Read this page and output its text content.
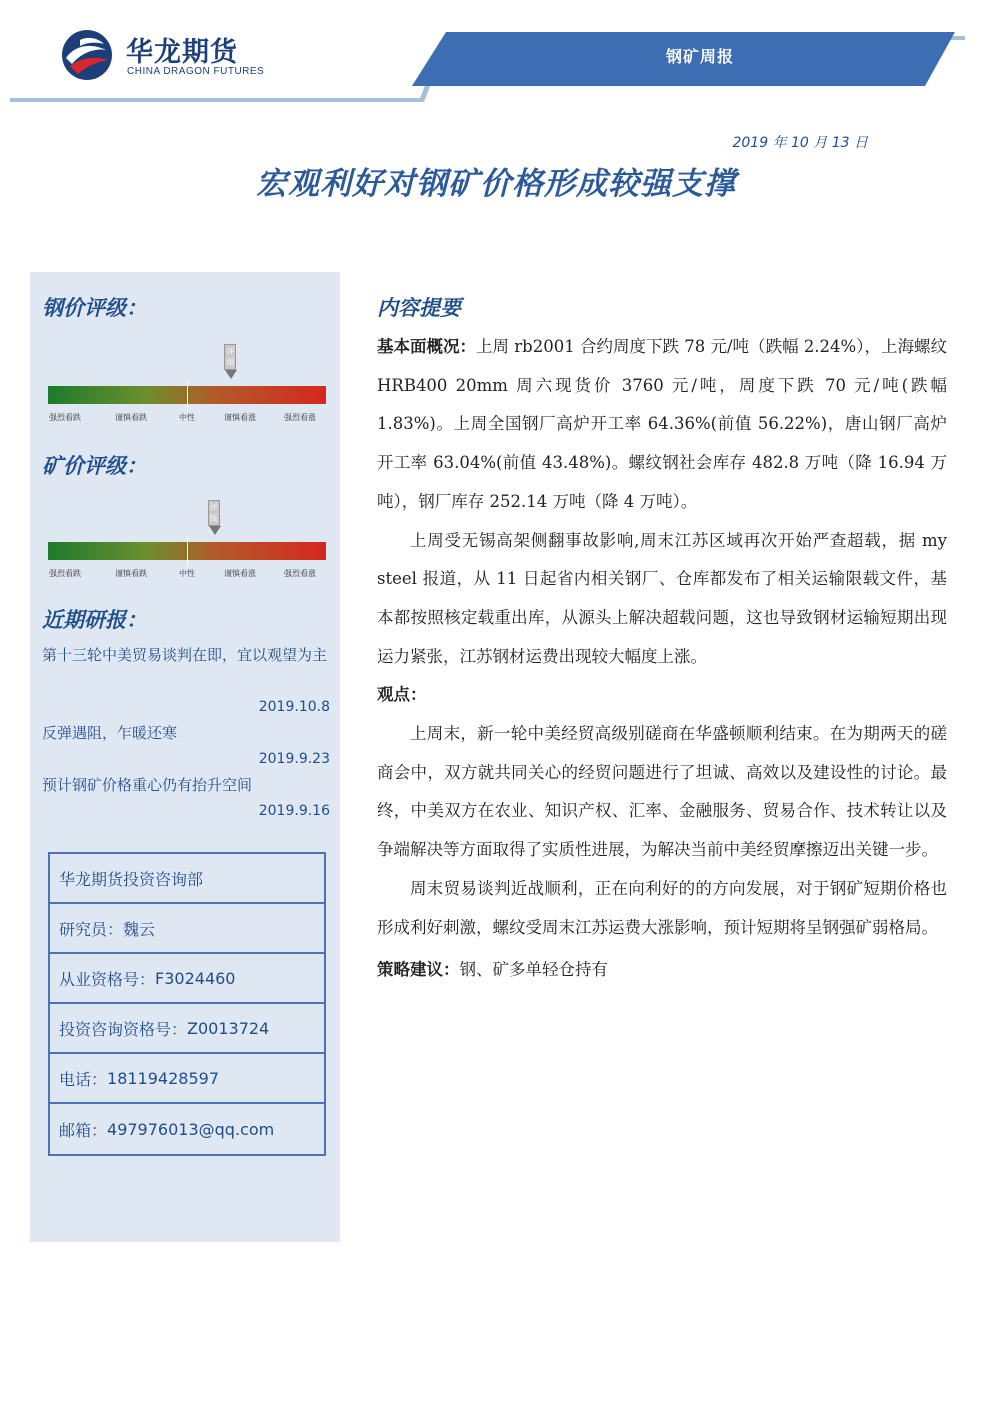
钢矿周报
华龙期货
CHINA DRAGON FUTURES
2019 年 10 月 13 日
宏观利好对钢矿价格形成较强支撑
钢价评级：
评级
强烈看跌	谨慎看跌	中性	谨慎看涨	强烈看涨
矿价评级：
评级
强烈看跌	谨慎看跌	中性	谨慎看涨	强烈看涨
近期研报：
第十三轮中美贸易谈判在即，宜以观望为主
2019.10.8
反弹遇阻，乍暖还寒
2019.9.23
预计钢矿价格重心仍有抬升空间
2019.9.16
华龙期货投资咨询部
研究员： 魏云
从业资格号： F3024460
投资咨询资格号： Z0013724
电话： 18119428597
邮箱： 497976013@qq.com
内容提要

基本面概况：上周 rb2001 合约周度下跌 78 元/吨（跌幅 2.24%），上海螺纹 HRB400 20mm 周六现货价 3760 元/吨，周度下跌 70 元/吨(跌幅 1.83%)。上周全国钢厂高炉开工率 64.36%(前值 56.22%)，唐山钢厂高炉开工率 63.04%(前值 43.48%)。螺纹钢社会库存 482.8 万吨（降 16.94 万吨），钢厂库存 252.14 万吨（降 4 万吨）。

上周受无锡高架侧翻事故影响,周末江苏区域再次开始严查超载，据 my steel 报道，从 11 日起省内相关钢厂、仓库都发布了相关运输限载文件，基本都按照核定载重出库，从源头上解决超载问题，这也导致钢材运输短期出现运力紧张，江苏钢材运费出现较大幅度上涨。

观点：

上周末，新一轮中美经贸高级别磋商在华盛顿顺利结束。在为期两天的磋商会中，双方就共同关心的经贸问题进行了坦诚、高效以及建设性的讨论。最终，中美双方在农业、知识产权、汇率、金融服务、贸易合作、技术转让以及争端解决等方面取得了实质性进展，为解决当前中美经贸摩擦迈出关键一步。

周末贸易谈判近战顺利，正在向利好的的方向发展，对于钢矿短期价格也形成利好刺激，螺纹受周末江苏运费大涨影响，预计短期将呈钢强矿弱格局。

策略建议：钢、矿多单轻仓持有
